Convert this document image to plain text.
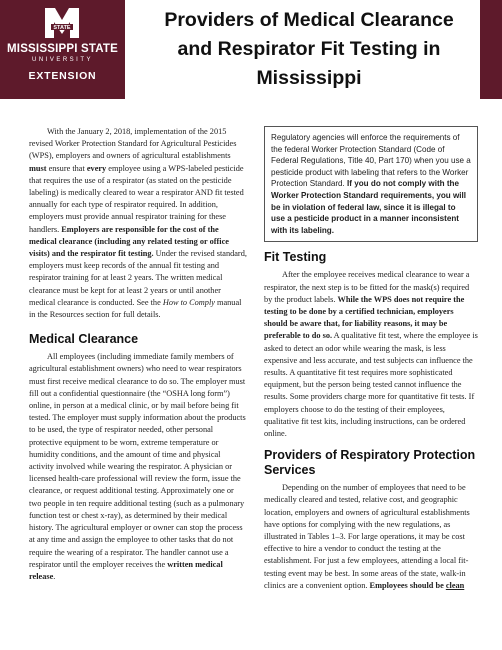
STATE
MISSISSIPPI STATE
UNIVERSITY
EXTENSION
Providers of Medical Clearance and Respirator Fit Testing in Mississippi

With the January 2, 2018, implementation of the 2015 revised Worker Protection Standard for Agricultural Pesticides (WPS), employers and owners of agricultural establishments must ensure that every employee using a WPS-labeled pesticide that requires the use of a respirator (as stated on the pesticide labeling) is medically cleared to wear a respirator AND fit tested annually for each type of respirator required. In addition, employers must provide annual respirator training for these handlers. Employers are responsible for the cost of the medical clearance (including any related testing or office visits) and the respirator fit testing. Under the revised standard, employers must keep records of the annual fit testing and respirator training for at least 2 years. The written medical clearance must be kept for at least 2 years or until another medical clearance is conducted. See the How to Comply manual in the Resources section for full details.

Medical Clearance

All employees (including immediate family members of agricultural establishment owners) who need to wear respirators must first receive medical clearance to do so. The employer must fill out a confidential questionnaire (the “OSHA long form”) online, in person at a medical clinic, or by mail before being fit tested. The employer must supply information about the products to be used, the type of respirator needed, other personal protective equipment to be worn, extreme temperature or humidity conditions, and the amount of time and physical activity involved while wearing the respirator. A physician or licensed health-care professional will review the form, issue the clearance, or request additional testing. Approximately one or two people in ten require additional testing (such as a pulmonary function test or chest x-ray), as determined by their medical history. The agricultural employer or owner can stop the process at any time and assign the employee to other tasks that do not require the wearing of a respirator. The handler cannot use a respirator until the employer receives the written medical release.

Regulatory agencies will enforce the requirements of the federal Worker Protection Standard (Code of Federal Regulations, Title 40, Part 170) when you use a pesticide product with labeling that refers to the Worker Protection Standard. If you do not comply with the Worker Protection Standard requirements, you will be in violation of federal law, since it is illegal to use a pesticide product in a manner inconsistent with its labeling.
Fit Testing

After the employee receives medical clearance to wear a respirator, the next step is to be fitted for the mask(s) required by the product labels. While the WPS does not require the testing to be done by a certified technician, employers should be aware that, for liability reasons, it may be preferable to do so. A qualitative fit test, where the employee is asked to detect an odor while wearing the mask, is less expensive and less accurate, and test subjects can influence the results. A quantitative fit test requires more sophisticated equipment, but the person being tested cannot influence the results. Some providers charge more for quantitative fit tests. If employers choose to do the testing of their employees, qualitative fit test kits, including instructions, can be ordered online.

Providers of Respiratory Protection Services

Depending on the number of employees that need to be medically cleared and tested, relative cost, and geographic location, employers and owners of agricultural establishments have options for complying with the new regulations, as illustrated in Tables 1–3. For large operations, it may be cost effective to hire a vendor to conduct the testing at the establishment. For just a few employees, attending a local fit-testing event may be best. In some areas of the state, walk-in clinics are a convenient option. Employees should be clean
